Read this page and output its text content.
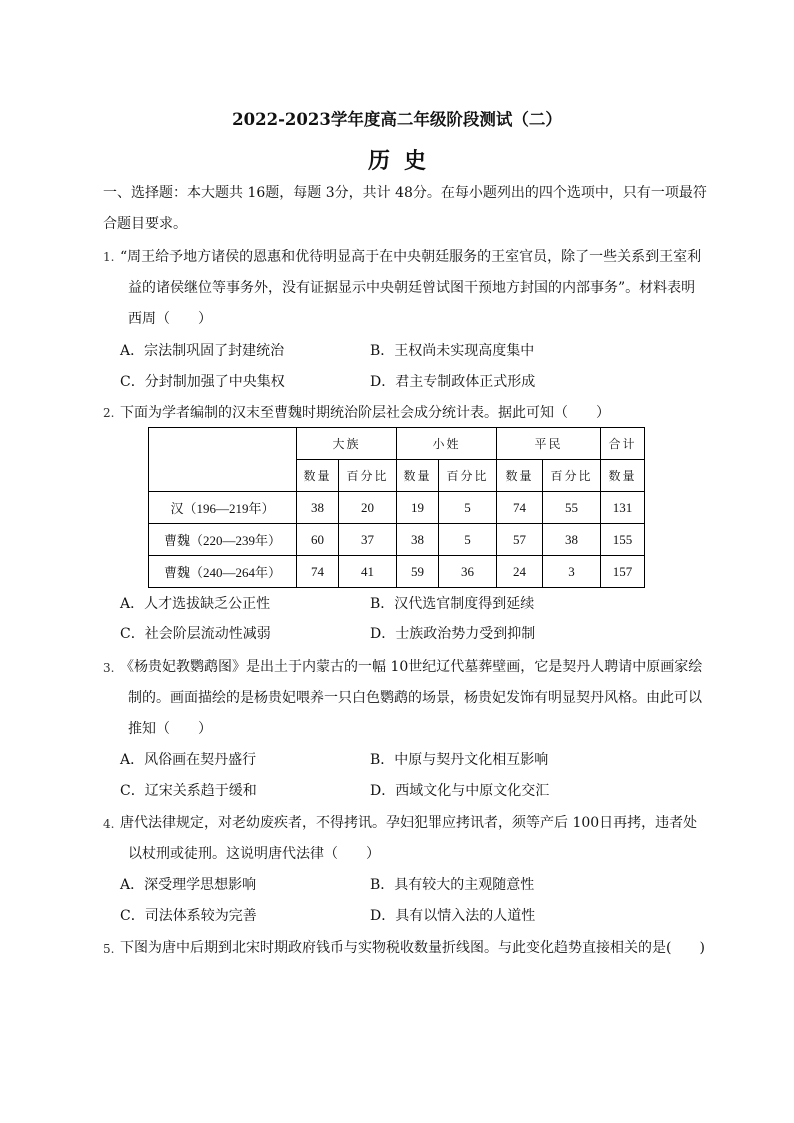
2022-2023学年度高二年级阶段测试（二）
历史
一、选择题：本大题共 16题，每题 3分，共计 48分。在每小题列出的四个选项中，只有一项最符
合题目要求。
1. “周王给予地方诸侯的恩惠和优待明显高于在中央朝廷服务的王室官员，除了一些关系到王室利
益的诸侯继位等事务外，没有证据显示中央朝廷曾试图干预地方封国的内部事务”。材料表明
西周（　　）
A．宗法制巩固了封建统治	B．王权尚未实现高度集中
C．分封制加强了中央集权	D．君主专制政体正式形成
2. 下面为学者编制的汉末至曹魏时期统治阶层社会成分统计表。据此可知（　　）
	大族		小姓		平民		合计
	数量	百分比	数量	百分比	数量	百分比	数量
汉（196—219年）	38	20	19	5	74	55	131
曹魏（220—239年）	60	37	38	5	57	38	155
曹魏（240—264年）	74	41	59	36	24	3	157
A．人才选拔缺乏公正性	B．汉代选官制度得到延续
C．社会阶层流动性减弱	D．士族政治势力受到抑制
3. 《杨贵妃教鹦鹉图》是出土于内蒙古的一幅 10世纪辽代墓葬壁画，它是契丹人聘请中原画家绘
制的。画面描绘的是杨贵妃喂养一只白色鹦鹉的场景，杨贵妃发饰有明显契丹风格。由此可以
推知（　　）
A．风俗画在契丹盛行	B．中原与契丹文化相互影响
C．辽宋关系趋于缓和	D．西域文化与中原文化交汇
4. 唐代法律规定，对老幼废疾者，不得拷讯。孕妇犯罪应拷讯者，须等产后 100日再拷，违者处
以杖刑或徒刑。这说明唐代法律（　　）
A．深受理学思想影响	B．具有较大的主观随意性
C．司法体系较为完善	D．具有以情入法的人道性
5. 下图为唐中后期到北宋时期政府钱币与实物税收数量折线图。与此变化趋势直接相关的是(　　)
